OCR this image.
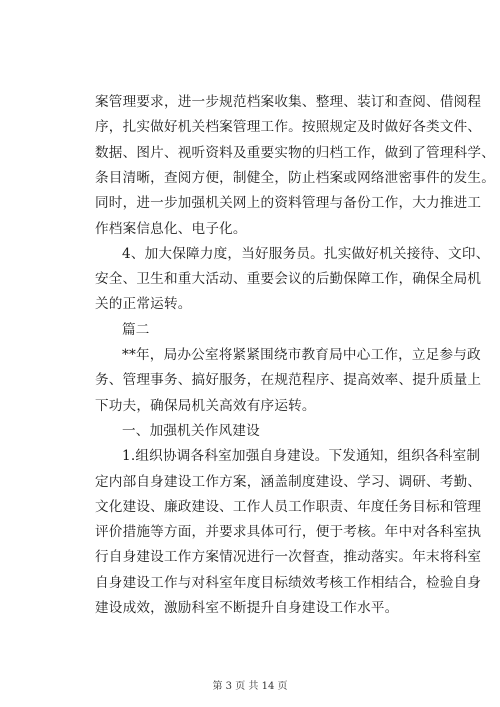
案管理要求，进一步规范档案收集、整理、装订和查阅、借阅程
序，扎实做好机关档案管理工作。按照规定及时做好各类文件、
数据、图片、视听资料及重要实物的归档工作，做到了管理科学、
条目清晰，查阅方便，制健全，防止档案或网络泄密事件的发生。
同时，进一步加强机关网上的资料管理与备份工作，大力推进工
作档案信息化、电子化。
4、加大保障力度，当好服务员。扎实做好机关接待、文印、
安全、卫生和重大活动、重要会议的后勤保障工作，确保全局机
关的正常运转。
篇二
**年，局办公室将紧紧围绕市教育局中心工作，立足参与政
务、管理事务、搞好服务，在规范程序、提高效率、提升质量上
下功夫，确保局机关高效有序运转。
一、加强机关作风建设
1.组织协调各科室加强自身建设。下发通知，组织各科室制
定内部自身建设工作方案，涵盖制度建设、学习、调研、考勤、
文化建设、廉政建设、工作人员工作职责、年度任务目标和管理
评价措施等方面，并要求具体可行，便于考核。年中对各科室执
行自身建设工作方案情况进行一次督查，推动落实。年末将科室
自身建设工作与对科室年度目标绩效考核工作相结合，检验自身
建设成效，激励科室不断提升自身建设工作水平。
第 3 页 共 14 页
